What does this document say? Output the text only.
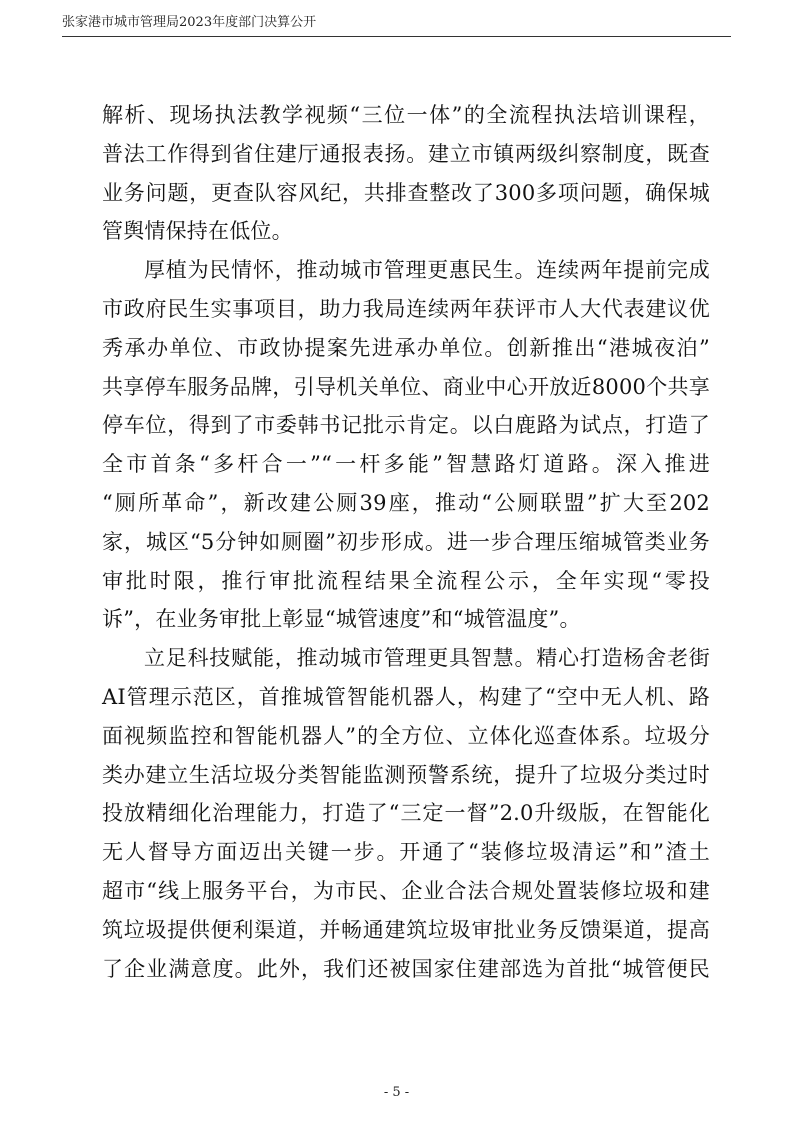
张家港市城市管理局2023年度部门决算公开
解析、现场执法教学视频“三位一体”的全流程执法培训课程，
普法工作得到省住建厅通报表扬。建立市镇两级纠察制度，既查
业务问题，更查队容风纪，共排查整改了300多项问题，确保城
管舆情保持在低位。
厚植为民情怀，推动城市管理更惠民生。连续两年提前完成
市政府民生实事项目，助力我局连续两年获评市人大代表建议优
秀承办单位、市政协提案先进承办单位。创新推出“港城夜泊”
共享停车服务品牌，引导机关单位、商业中心开放近8000个共享
停车位，得到了市委韩书记批示肯定。以白鹿路为试点，打造了
全市首条“多杆合一”“一杆多能”智慧路灯道路。深入推进
“厕所革命”，新改建公厕39座，推动“公厕联盟”扩大至202
家，城区“5分钟如厕圈”初步形成。进一步合理压缩城管类业务
审批时限，推行审批流程结果全流程公示，全年实现“零投
诉”，在业务审批上彰显“城管速度”和“城管温度”。
立足科技赋能，推动城市管理更具智慧。精心打造杨舍老街
AI管理示范区，首推城管智能机器人，构建了“空中无人机、路
面视频监控和智能机器人”的全方位、立体化巡查体系。垃圾分
类办建立生活垃圾分类智能监测预警系统，提升了垃圾分类过时
投放精细化治理能力，打造了“三定一督”2.0升级版，在智能化
无人督导方面迈出关键一步。开通了“装修垃圾清运”和”渣土
超市“线上服务平台，为市民、企业合法合规处置装修垃圾和建
筑垃圾提供便利渠道，并畅通建筑垃圾审批业务反馈渠道，提高
了企业满意度。此外，我们还被国家住建部选为首批“城管便民
- 5 -
